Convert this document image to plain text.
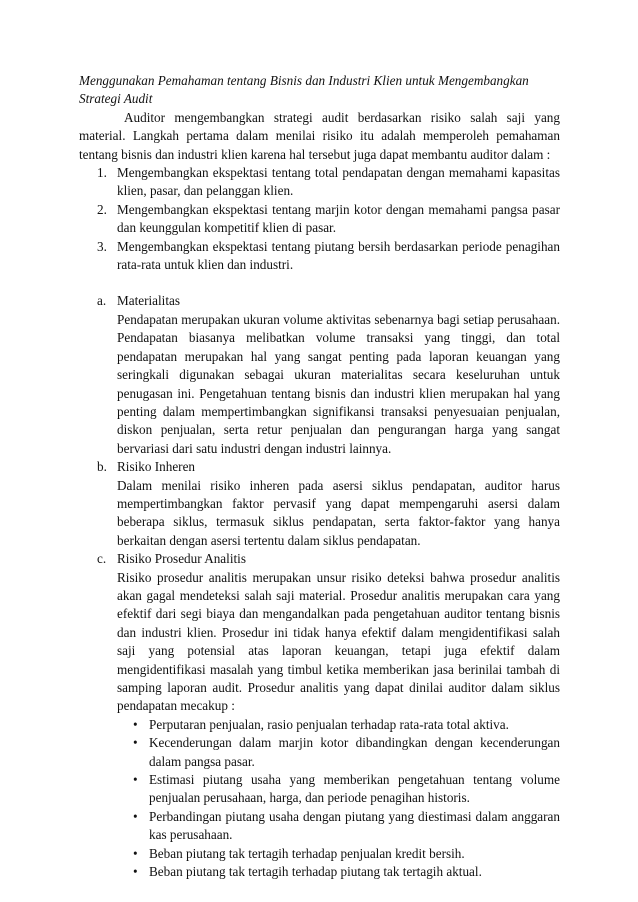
Menggunakan Pemahaman tentang Bisnis dan Industri Klien untuk Mengembangkan Strategi Audit

Auditor mengembangkan strategi audit berdasarkan risiko salah saji yang material. Langkah pertama dalam menilai risiko itu adalah memperoleh pemahaman tentang bisnis dan industri klien karena hal tersebut juga dapat membantu auditor dalam :

1. Mengembangkan ekspektasi tentang total pendapatan dengan memahami kapasitas klien, pasar, dan pelanggan klien.
2. Mengembangkan ekspektasi tentang marjin kotor dengan memahami pangsa pasar dan keunggulan kompetitif klien di pasar.
3. Mengembangkan ekspektasi tentang piutang bersih berdasarkan periode penagihan rata-rata untuk klien dan industri.
a. Materialitas
Pendapatan merupakan ukuran volume aktivitas sebenarnya bagi setiap perusahaan. Pendapatan biasanya melibatkan volume transaksi yang tinggi, dan total pendapatan merupakan hal yang sangat penting pada laporan keuangan yang seringkali digunakan sebagai ukuran materialitas secara keseluruhan untuk penugasan ini. Pengetahuan tentang bisnis dan industri klien merupakan hal yang penting dalam mempertimbangkan signifikansi transaksi penyesuaian penjualan, diskon penjualan, serta retur penjualan dan pengurangan harga yang sangat bervariasi dari satu industri dengan industri lainnya.
b. Risiko Inheren
Dalam menilai risiko inheren pada asersi siklus pendapatan, auditor harus mempertimbangkan faktor pervasif yang dapat mempengaruhi asersi dalam beberapa siklus, termasuk siklus pendapatan, serta faktor-faktor yang hanya berkaitan dengan asersi tertentu dalam siklus pendapatan.
c. Risiko Prosedur Analitis
Risiko prosedur analitis merupakan unsur risiko deteksi bahwa prosedur analitis akan gagal mendeteksi salah saji material. Prosedur analitis merupakan cara yang efektif dari segi biaya dan mengandalkan pada pengetahuan auditor tentang bisnis dan industri klien. Prosedur ini tidak hanya efektif dalam mengidentifikasi salah saji yang potensial atas laporan keuangan, tetapi juga efektif dalam mengidentifikasi masalah yang timbul ketika memberikan jasa berinilai tambah di samping laporan audit. Prosedur analitis yang dapat dinilai auditor dalam siklus pendapatan mecakup :
• Perputaran penjualan, rasio penjualan terhadap rata-rata total aktiva.
• Kecenderungan dalam marjin kotor dibandingkan dengan kecenderungan dalam pangsa pasar.
• Estimasi piutang usaha yang memberikan pengetahuan tentang volume penjualan perusahaan, harga, dan periode penagihan historis.
• Perbandingan piutang usaha dengan piutang yang diestimasi dalam anggaran kas perusahaan.
• Beban piutang tak tertagih terhadap penjualan kredit bersih.
• Beban piutang tak tertagih terhadap piutang tak tertagih aktual.
